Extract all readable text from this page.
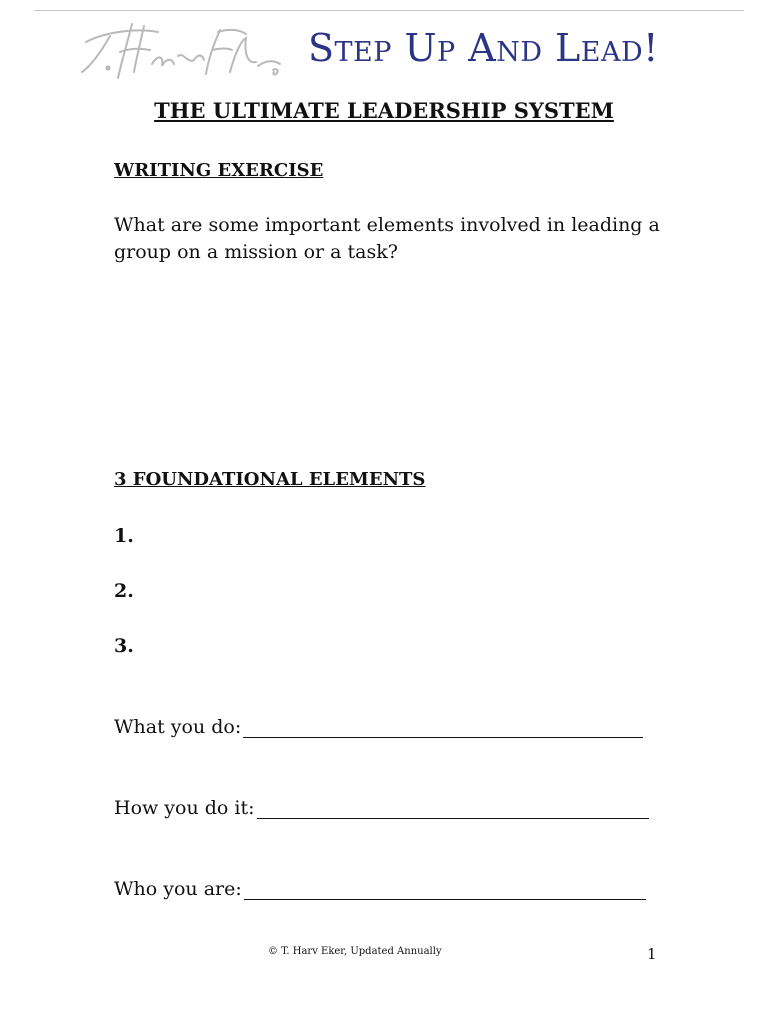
Step Up And Lead!
THE ULTIMATE LEADERSHIP SYSTEM
WRITING EXERCISE
What are some important elements involved in leading a group on a mission or a task?
3 FOUNDATIONAL ELEMENTS
1.
2.
3.
What you do:
How you do it:
Who you are:
© T. Harv Eker, Updated Annually	1
